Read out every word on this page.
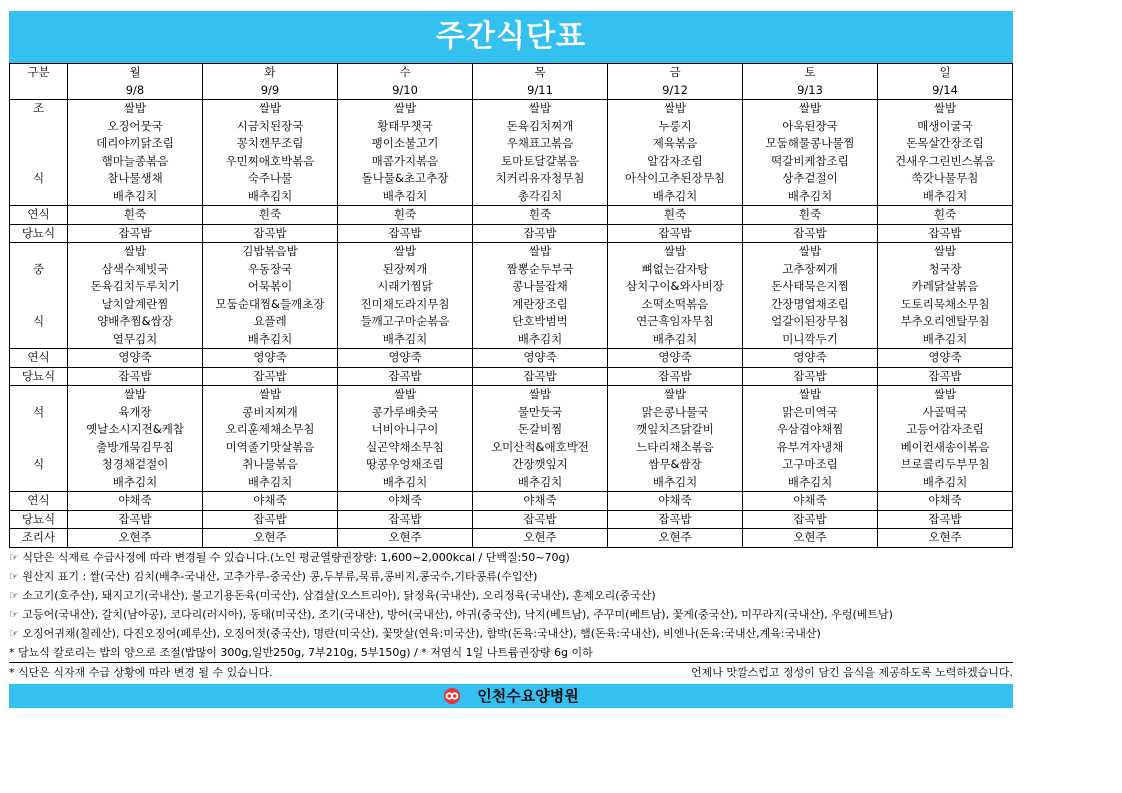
주간식단표
구분	월	화	수	목	금	토	일
	9/8	9/9	9/10	9/11	9/12	9/13	9/14
조	쌀밥	쌀밥	쌀밥	쌀밥	쌀밥	쌀밥	쌀밥
	오징어뭇국	시금치된장국	황태무챗국	돈육김치찌개	누룽지	아욱된장국	매생이굴국
	데리야끼닭조림	꽁치캔무조림	팽이소불고기	우채표고볶음	제육볶음	모둠해물콩나물찜	돈목살간장조림
	햄마늘종볶음	우민찌애호박볶음	매콤가지볶음	토마토달걀볶음	알감자조림	떡갈비케찹조림	건새우그린빈스볶음
식	참나물생채	숙주나물	돌나물&초고추장	치커리유자청무침	아삭이고추된장무침	상추겉절이	쑥갓나물무침
	배추김치	배추김치	배추김치	총각김치	배추김치	배추김치	배추김치
연식	흰죽	흰죽	흰죽	흰죽	흰죽	흰죽	흰죽
당뇨식	잡곡밥	잡곡밥	잡곡밥	잡곡밥	잡곡밥	잡곡밥	잡곡밥
	쌀밥	김밥볶음밥	쌀밥	쌀밥	쌀밥	쌀밥	쌀밥
중	삼색수제빗국	우동장국	된장찌개	짬뽕순두부국	뼈없는감자탕	고추장찌개	청국장
	돈육김치두루치기	어묵볶이	시래기찜닭	콩나물잡채	삼치구이&와사비장	돈사태묵은지찜	카레닭살볶음
	날치알계란찜	모둠순대찜&들깨초장	진미채도라지무침	계란장조림	소떡소떡볶음	간장명엽채조림	도토리묵채소무침
식	양배추찜&쌈장	요플레	들깨고구마순볶음	단호박범벅	연근흑임자무침	얼갈이된장무침	부추오리엔탈무침
	열무김치	배추김치	배추김치	배추김치	배추김치	미니깍두기	배추김치
연식	영양죽	영양죽	영양죽	영양죽	영양죽	영양죽	영양죽
당뇨식	잡곡밥	잡곡밥	잡곡밥	잡곡밥	잡곡밥	잡곡밥	잡곡밥
	쌀밥	쌀밥	쌀밥	쌀밥	쌀밥	쌀밥	쌀밥
석	육개장	콩비지찌개	콩가루배춧국	물만둣국	맑은콩나물국	맑은미역국	사골떡국
	옛날소시지전&케찹	오리훈제채소무침	너비아니구이	돈갈비찜	깻잎치즈닭갈비	우삼겹야채찜	고등어감자조림
	출방개묵김무침	미역줄기맛살볶음	실곤약채소무침	오미산적&애호박전	느타리채소볶음	유부겨자냉채	베이컨새송이볶음
식	청경채겉절이	취나물볶음	땅콩우엉채조림	간장깻잎지	쌈무&쌈장	고구마조림	브로콜리두부무침
	배추김치	배추김치	배추김치	배추김치	배추김치	배추김치	배추김치
연식	야채죽	야채죽	야채죽	야채죽	야채죽	야채죽	야채죽
당뇨식	잡곡밥	잡곡밥	잡곡밥	잡곡밥	잡곡밥	잡곡밥	잡곡밥
조리사	오현주	오현주	오현주	오현주	오현주	오현주	오현주
☞ 식단은 식재료 수급사정에 따라 변경될 수 있습니다.(노인 평균열량권장량: 1,600~2,000kcal / 단백질:50~70g)
☞ 원산지 표기 : 쌀(국산) 김치(배추-국내산, 고추가루-중국산) 콩,두부류,묵류,콩비지,콩국수,기타콩류(수입산)
☞ 소고기(호주산), 돼지고기(국내산), 불고기용돈육(미국산), 삼겹살(오스트리아), 닭정육(국내산), 오리정육(국내산), 훈제오리(중국산)
☞ 고등어(국내산), 갈치(남아공), 코다리(러시아), 동태(미국산), 조기(국내산), 방어(국내산), 아귀(중국산), 낙지(베트남), 주꾸미(베트남), 꽃게(중국산), 미꾸라지(국내산), 우렁(베트남)
☞ 오징어귀채(칠레산), 다진오징어(페루산), 오징어젓(중국산), 명란(미국산), 꽃맛살(연육:미국산), 함박(돈육:국내산), 햄(돈육:국내산), 비엔나(돈육:국내산,계육:국내산)
* 당뇨식 칼로리는 밥의 양으로 조절(밥많이 300g,일반250g, 7부210g, 5부150g) / * 저염식 1일 나트륨권장량 6g 이하
* 식단은 식자재 수급 상황에 따라 변경 될 수 있습니다.	언제나 맛깔스럽고 정성이 담긴 음식을 제공하도록 노력하겠습니다.
인천수요양병원
